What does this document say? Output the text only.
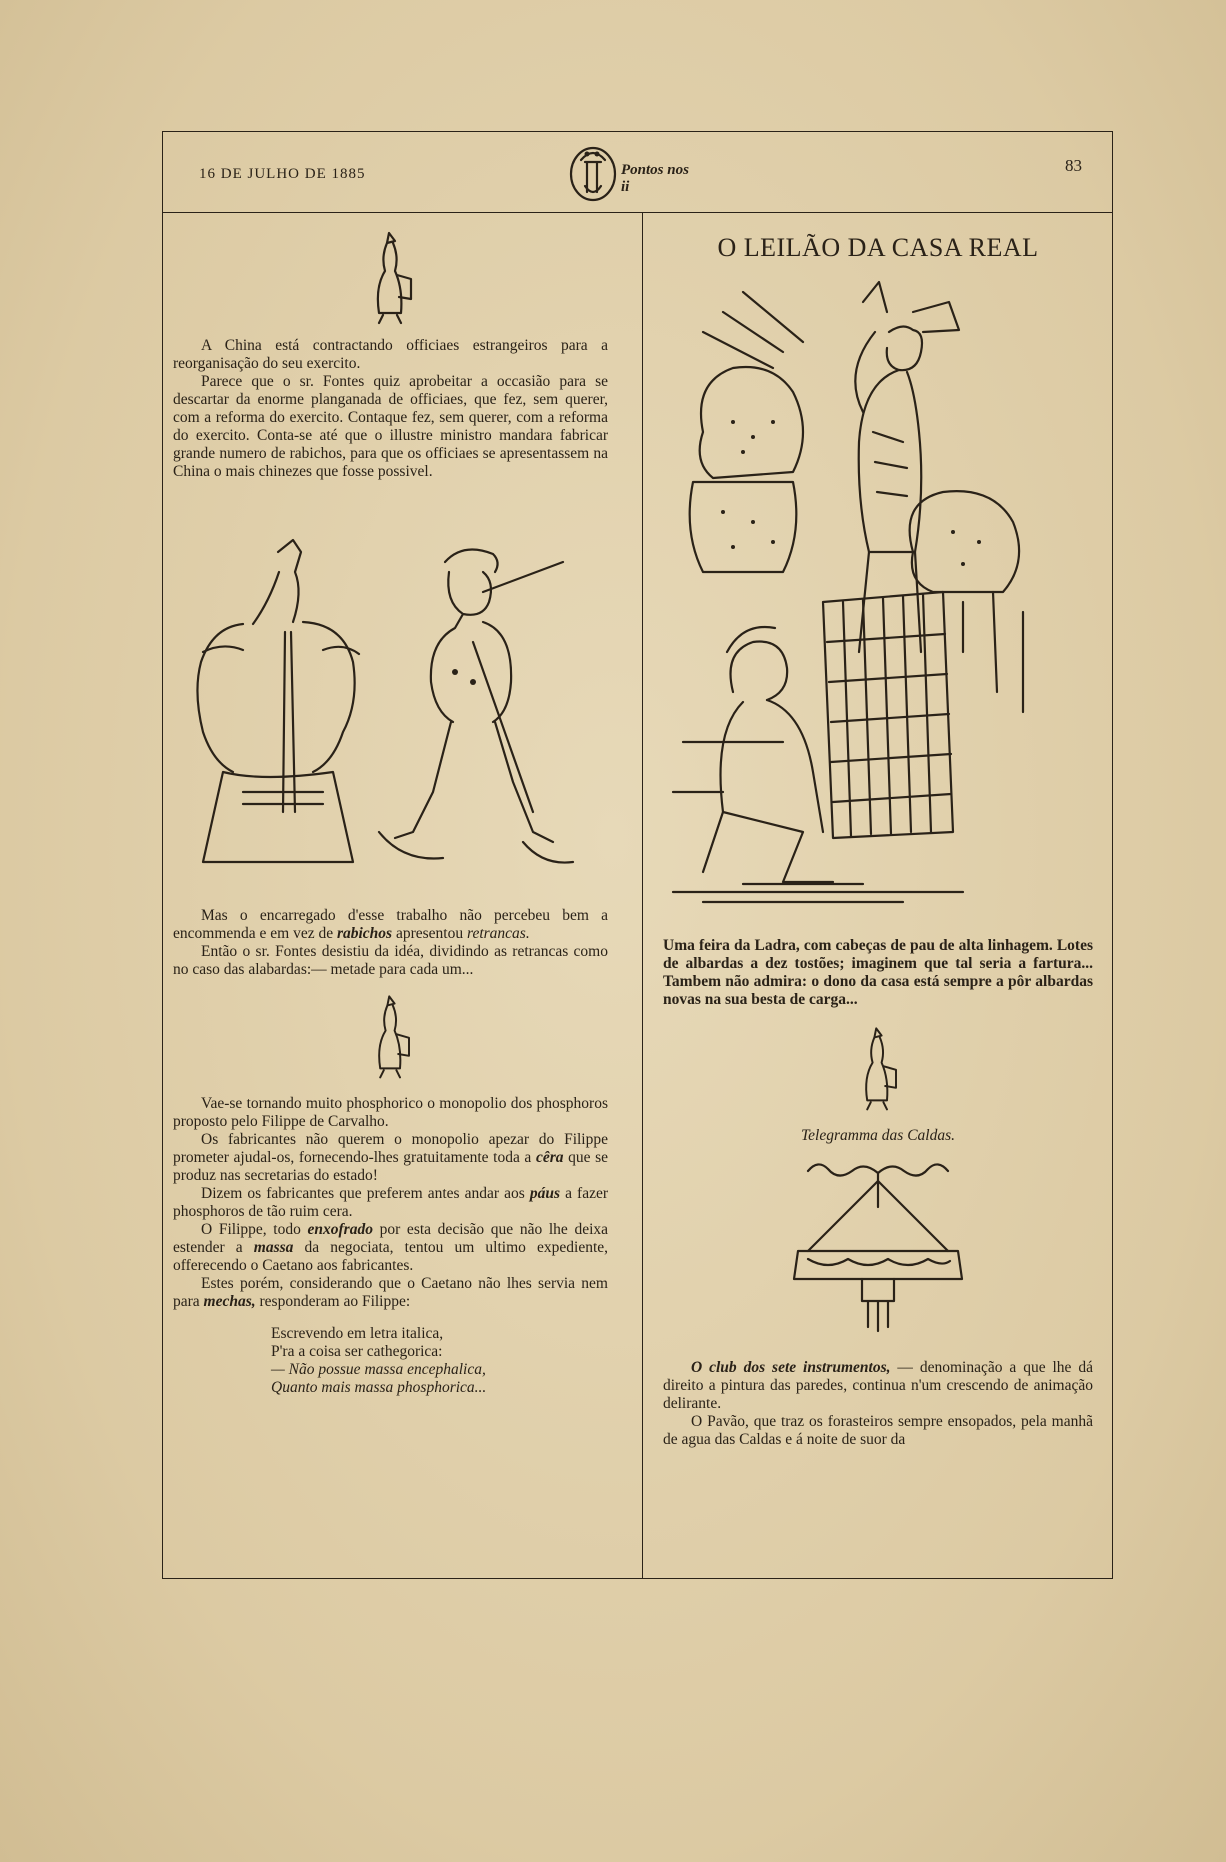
16 DE JULHO DE 1885	Pontos nos ii
83

A China está contractando officiaes estrangeiros para a reorganisação do seu exercito.

Parece que o sr. Fontes quiz aprobeitar a occasião para se descartar da enorme planganada de officiaes, que fez, sem querer, com a reforma do exercito. Contaque fez, sem querer, com a reforma do exercito. Conta-se até que o illustre ministro mandara fabricar grande numero de rabichos, para que os officiaes se apresentassem na China o mais chinezes que fosse possivel.

Mas o encarregado d'esse trabalho não percebeu bem a encommenda e em vez de rabichos apresentou retrancas.

Então o sr. Fontes desistiu da idéa, dividindo as retrancas como no caso das alabardas:— metade para cada um...

Vae-se tornando muito phosphorico o monopolio dos phosphoros proposto pelo Filippe de Carvalho.

Os fabricantes não querem o monopolio apezar do Filippe prometer ajudal-os, fornecendo-lhes gratuitamente toda a cêra que se produz nas secretarias do estado!

Dizem os fabricantes que preferem antes andar aos páus a fazer phosphoros de tão ruim cera.

O Filippe, todo enxofrado por esta decisão que não lhe deixa estender a massa da negociata, tentou um ultimo expediente, offerecendo o Caetano aos fabricantes.

Estes porém, considerando que o Caetano não lhes servia nem para mechas, responderam ao Filippe:

Escrevendo em letra italica,
P'ra a coisa ser cathegorica:
— Não possue massa encephalica,
Quanto mais massa phosphorica...
O LEILÃO DA CASA REAL

Uma feira da Ladra, com cabeças de pau de alta linhagem. Lotes de albardas a dez tostões; imaginem que tal seria a fartura... Tambem não admira: o dono da casa está sempre a pôr albardas novas na sua besta de carga...

Telegramma das Caldas.

O club dos sete instrumentos, — denominação a que lhe dá direito a pintura das paredes, continua n'um crescendo de animação delirante.

O Pavão, que traz os forasteiros sempre ensopados, pela manhã de agua das Caldas e á noite de suor da
